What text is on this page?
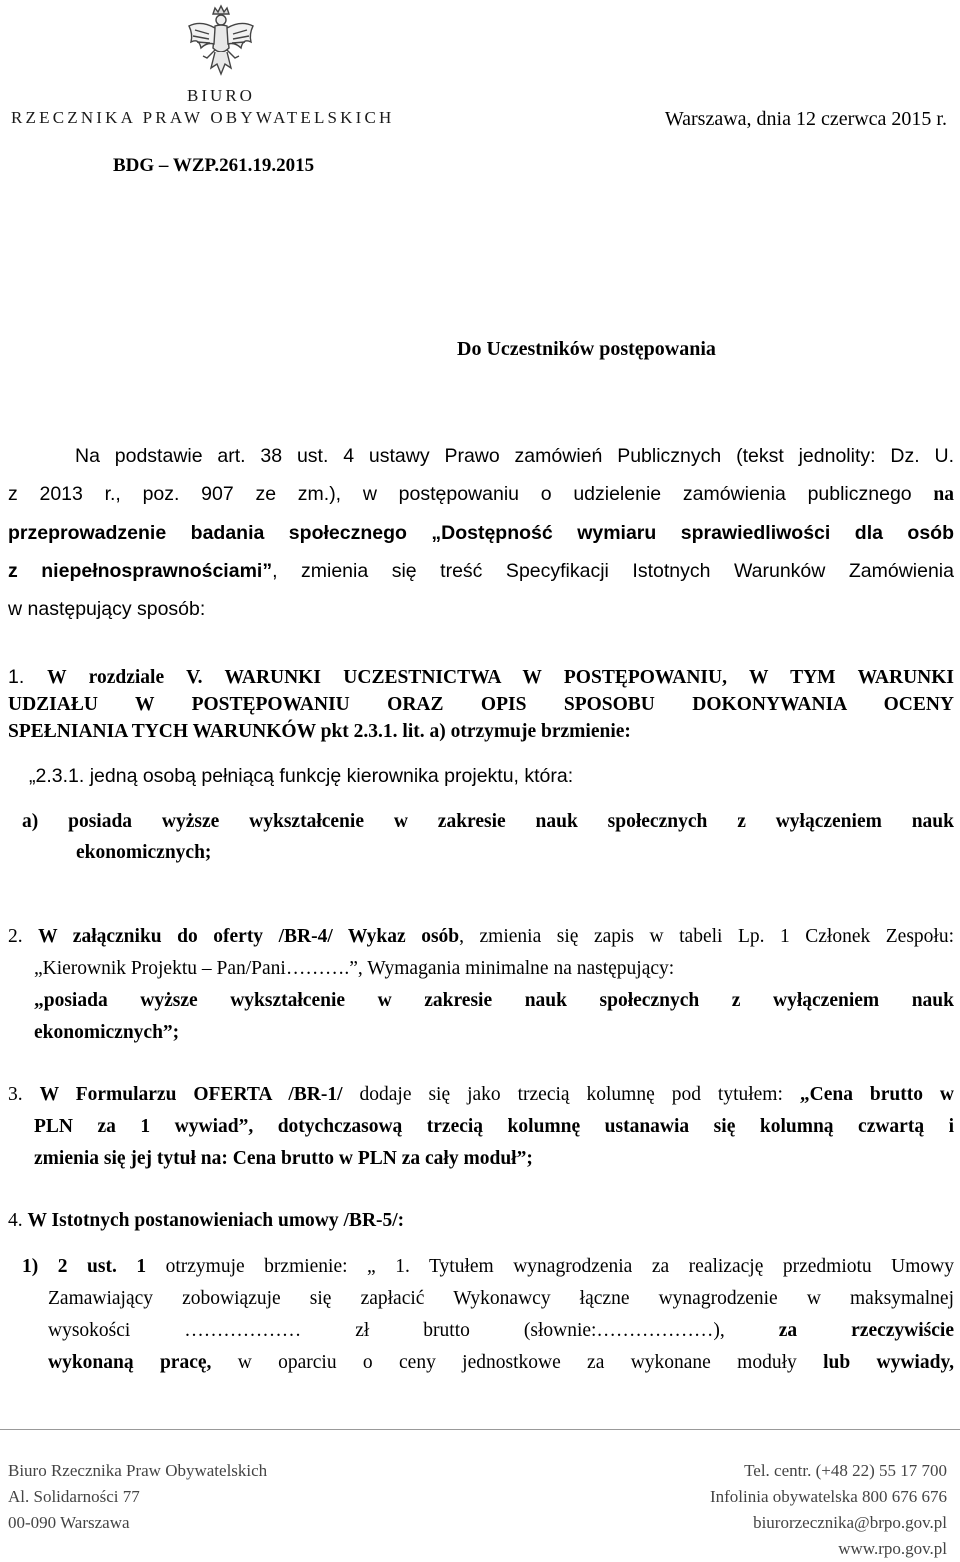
BIURO
RZECZNIKA PRAW OBYWATELSKICH	Warszawa, dnia 12 czerwca 2015 r.
BDG – WZP.261.19.2015
Do Uczestników postępowania
Na podstawie art. 38 ust. 4 ustawy Prawo zamówień Publicznych (tekst jednolity: Dz. U.
z 2013 r., poz. 907 ze zm.), w postępowaniu o udzielenie zamówienia publicznego na
przeprowadzenie badania społecznego „Dostępność wymiaru sprawiedliwości dla osób
z niepełnosprawnościami”, zmienia się treść Specyfikacji Istotnych Warunków Zamówienia
w następujący sposób:
1. W rozdziale V. WARUNKI UCZESTNICTWA W POSTĘPOWANIU, W TYM WARUNKI
UDZIAŁU W POSTĘPOWANIU ORAZ OPIS SPOSOBU DOKONYWANIA OCENY
SPEŁNIANIA TYCH WARUNKÓW pkt 2.3.1. lit. a) otrzymuje brzmienie:
„2.3.1. jedną osobą pełniącą funkcję kierownika projektu, która:
a) posiada wyższe wykształcenie w zakresie nauk społecznych z wyłączeniem nauk
ekonomicznych;
2. W załączniku do oferty /BR-4/ Wykaz osób, zmienia się zapis w tabeli Lp. 1 Członek Zespołu:
„Kierownik Projektu – Pan/Pani……….”, Wymagania minimalne na następujący:
„posiada wyższe wykształcenie w zakresie nauk społecznych z wyłączeniem nauk
ekonomicznych”;
3. W Formularzu OFERTA /BR-1/ dodaje się jako trzecią kolumnę pod tytułem: „Cena brutto w
PLN za 1 wywiad”, dotychczasową trzecią kolumnę ustanawia się kolumną czwartą i
zmienia się jej tytuł na: Cena brutto w PLN za cały moduł”;
4. W Istotnych postanowieniach umowy /BR-5/:
1) 2 ust. 1 otrzymuje brzmienie: „ 1. Tytułem wynagrodzenia za realizację przedmiotu Umowy
Zamawiający zobowiązuje się zapłacić Wykonawcy łączne wynagrodzenie w maksymalnej
wysokości ……………… zł brutto (słownie:………………), za rzeczywiście
wykonaną pracę, w oparciu o ceny jednostkowe za wykonane moduły lub wywiady,
Biuro Rzecznika Praw Obywatelskich
Al. Solidarności 77
00-090 Warszawa
Tel. centr. (+48 22) 55 17 700
Infolinia obywatelska 800 676 676
biurorzecznika@brpo.gov.pl
www.rpo.gov.pl
